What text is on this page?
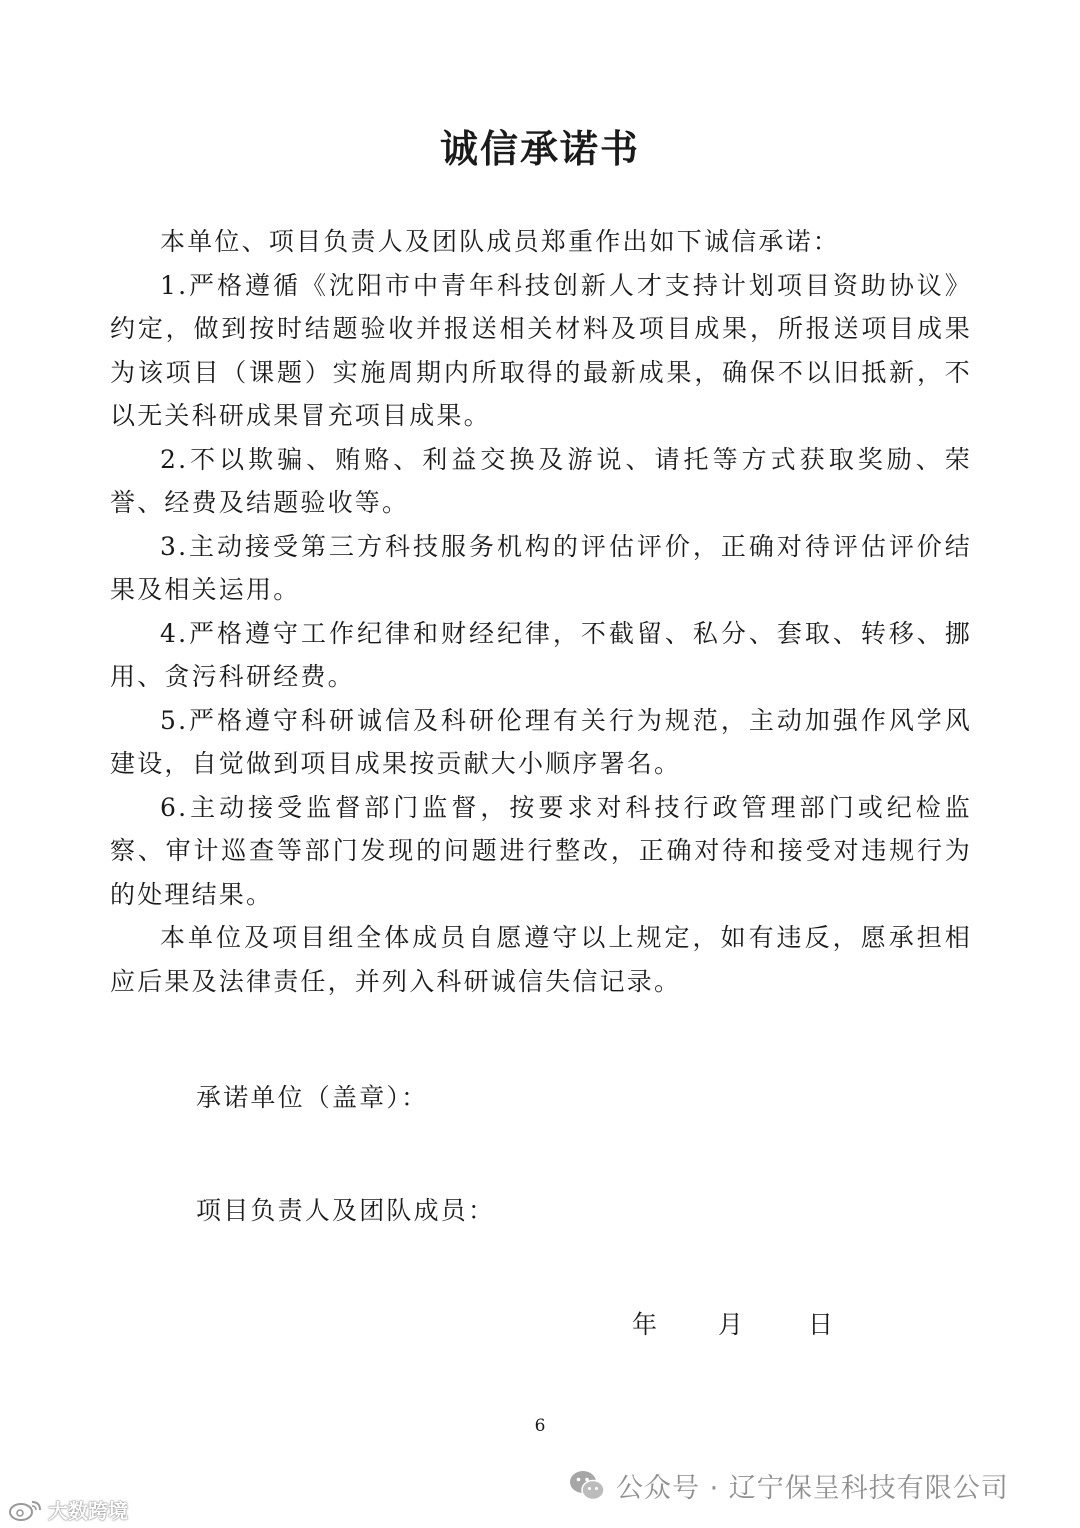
诚信承诺书

本单位、项目负责人及团队成员郑重作出如下诚信承诺：

1.严格遵循《沈阳市中青年科技创新人才支持计划项目资助协议》约定，做到按时结题验收并报送相关材料及项目成果，所报送项目成果为该项目（课题）实施周期内所取得的最新成果，确保不以旧抵新，不以无关科研成果冒充项目成果。

2.不以欺骗、贿赂、利益交换及游说、请托等方式获取奖励、荣誉、经费及结题验收等。

3.主动接受第三方科技服务机构的评估评价，正确对待评估评价结果及相关运用。

4.严格遵守工作纪律和财经纪律，不截留、私分、套取、转移、挪用、贪污科研经费。

5.严格遵守科研诚信及科研伦理有关行为规范，主动加强作风学风建设，自觉做到项目成果按贡献大小顺序署名。

6.主动接受监督部门监督，按要求对科技行政管理部门或纪检监察、审计巡查等部门发现的问题进行整改，正确对待和接受对违规行为的处理结果。

本单位及项目组全体成员自愿遵守以上规定，如有违反，愿承担相应后果及法律责任，并列入科研诚信失信记录。

承诺单位（盖章）：
项目负责人及团队成员：
年 月	日
6
公众号 · 辽宁保呈科技有限公司
大数跨境
